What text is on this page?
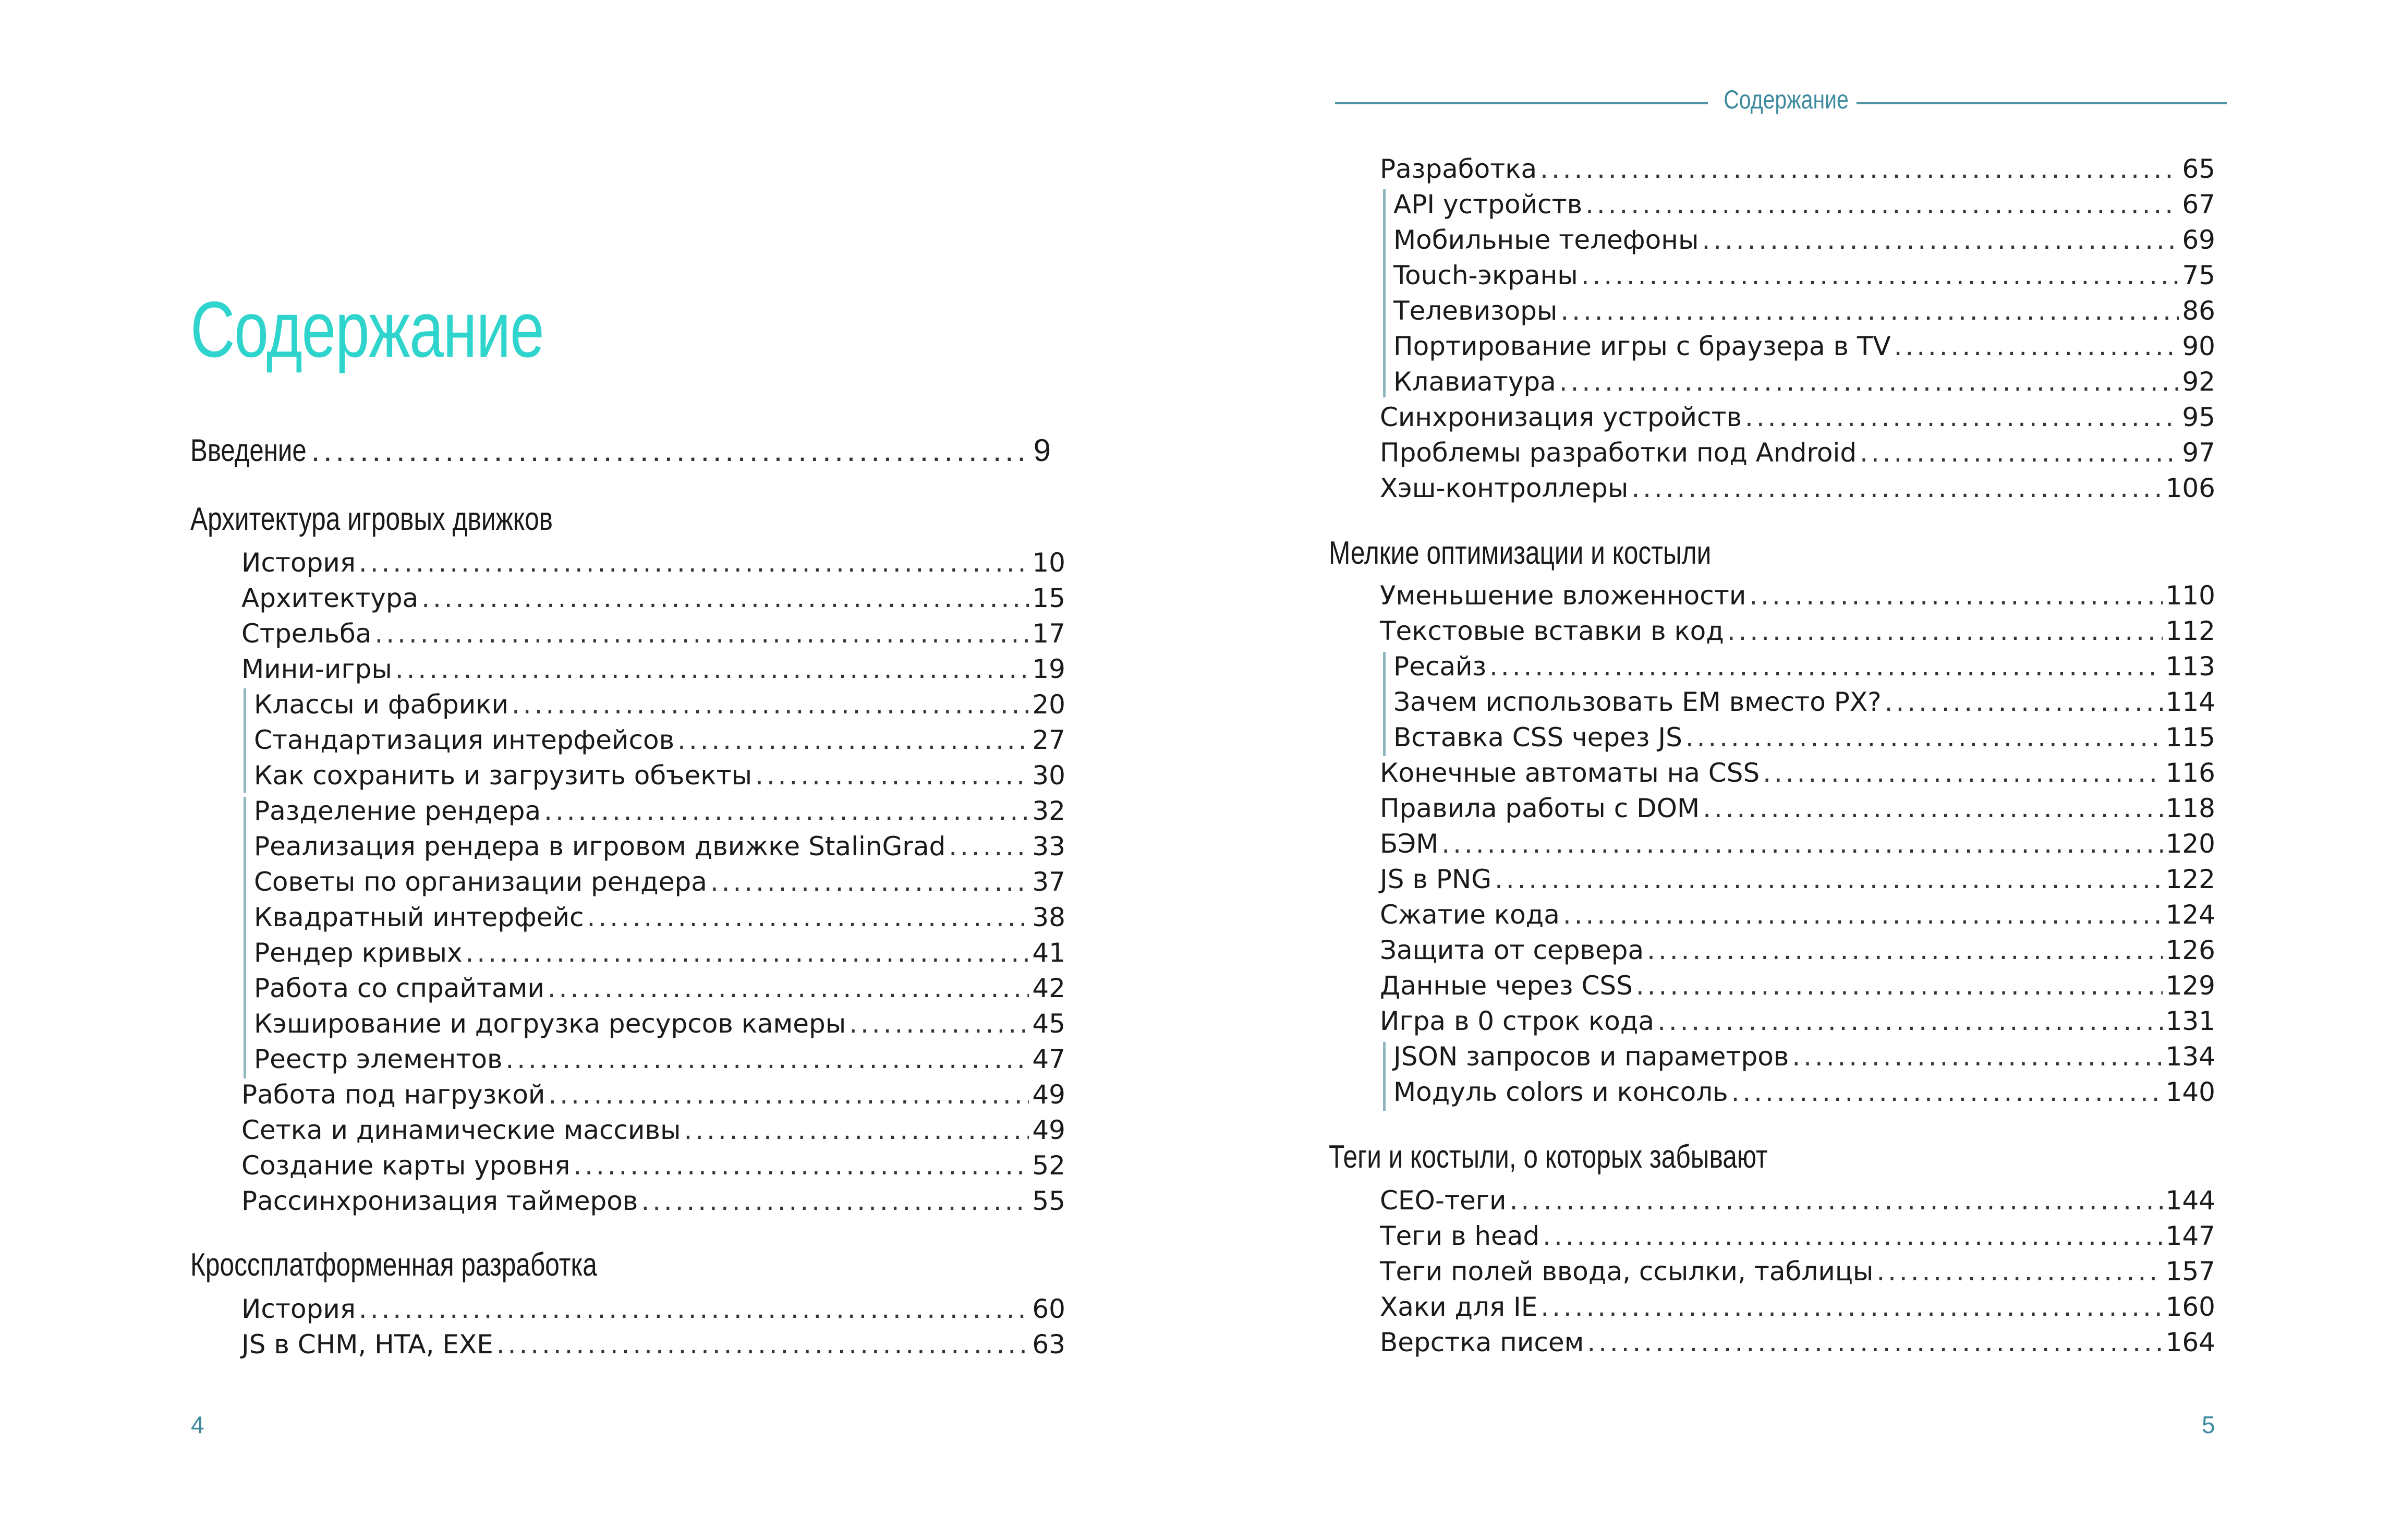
Содержание
Содержание
Введение . . .	9
Архитектура игровых движков
История . . .	10
Архитектура . . .	15
Стрельба . . .	17
Мини-игры . . .	19
Классы и фабрики . . .	20
Стандартизация интерфейсов . . .	27
Как сохранить и загрузить объекты . . .	30
Разделение рендера . . .	32
Реализация рендера в игровом движке StalinGrad . . .	33
Советы по организации рендера . . .	37
Квадратный интерфейс . . .	38
Рендер кривых . . .	41
Работа со спрайтами . . .	42
Кэширование и догрузка ресурсов камеры . . .	45
Реестр элементов . . .	47
Работа под нагрузкой . . .	49
Сетка и динамические массивы . . .	49
Создание карты уровня . . .	52
Рассинхронизация таймеров . . .	55
Кроссплатформенная разработка
История . . .	60
JS в CHM, HTA, EXE . . .	63
Разработка . . .	65
API устройств . . .	67
Мобильные телефоны . . .	69
Touch-экраны . . .	75
Телевизоры . . .	86
Портирование игры с браузера в TV . . .	90
Клавиатура . . .	92
Синхронизация устройств . . .	95
Проблемы разработки под Android . . .	97
Хэш-контроллеры . . .	106
Мелкие оптимизации и костыли
Уменьшение вложенности . . .	110
Текстовые вставки в код . . .	112
Ресайз . . .	113
Зачем использовать EM вместо PX? . . .	114
Вставка CSS через JS . . .	115
Конечные автоматы на CSS . . .	116
Правила работы с DOM . . .	118
БЭМ . . .	120
JS в PNG . . .	122
Сжатие кода . . .	124
Защита от сервера . . .	126
Данные через CSS . . .	129
Игра в 0 строк кода . . .	131
JSON запросов и параметров . . .	134
Модуль colors и консоль . . .	140
Теги и костыли, о которых забывают
СЕО-теги . . .	144
Теги в head . . .	147
Теги полей ввода, ссылки, таблицы . . .	157
Хаки для IE . . .	160
Верстка писем . . .	164
4	5
